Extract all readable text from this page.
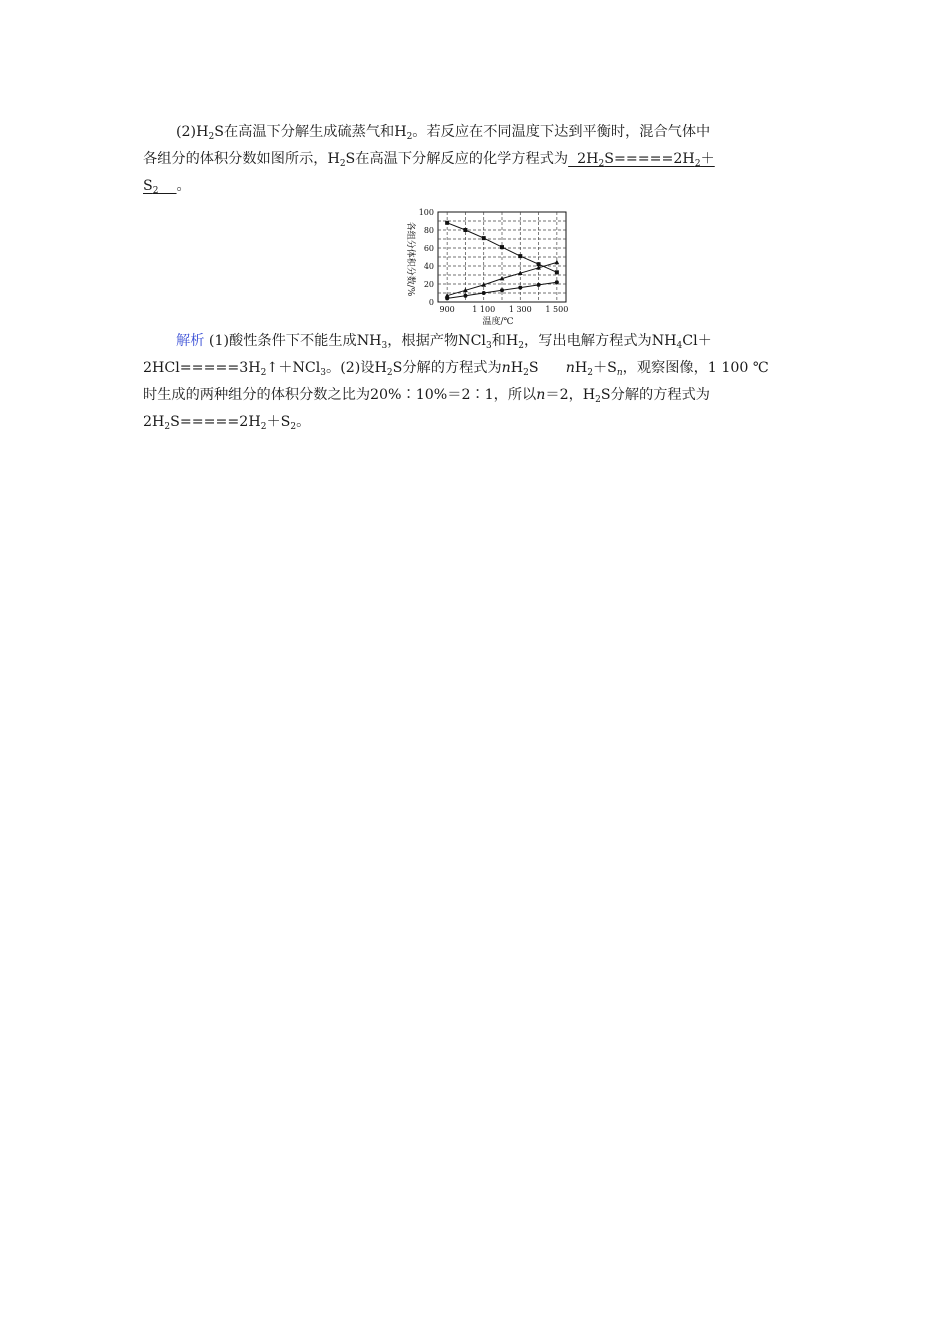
$(2)H_2S$在高温下分解生成硫蒸气和$H_2$。若反应在不同温度下达到平衡时，混合气体中
各组分的体积分数如图所示，$H_2S$在高温下分解反应的化学方程式为  $2H_2S=====2H_2+$
$S_2$ 。
0
20
40
60
80
100
900 1 100 1 300 1 500
各组分体积分数/%
温度/℃
解析 (1)酸性条件下不能生成$NH_3$，根据产物NCl$_3$和$H_2$，写出电解方程式为$NH_4Cl+$
$2HCl=====3H_2↑+NCl_3$。(2)设$H_2S$分解的方程式为$nH_2S$ $nH_2+S_n$，观察图像，1 100 ℃
时生成的两种组分的体积分数之比为20%∶10%＝2∶1，所以n＝2，$H_2S$分解的方程式为
$2H_2S=====2H_2+S_2$。
